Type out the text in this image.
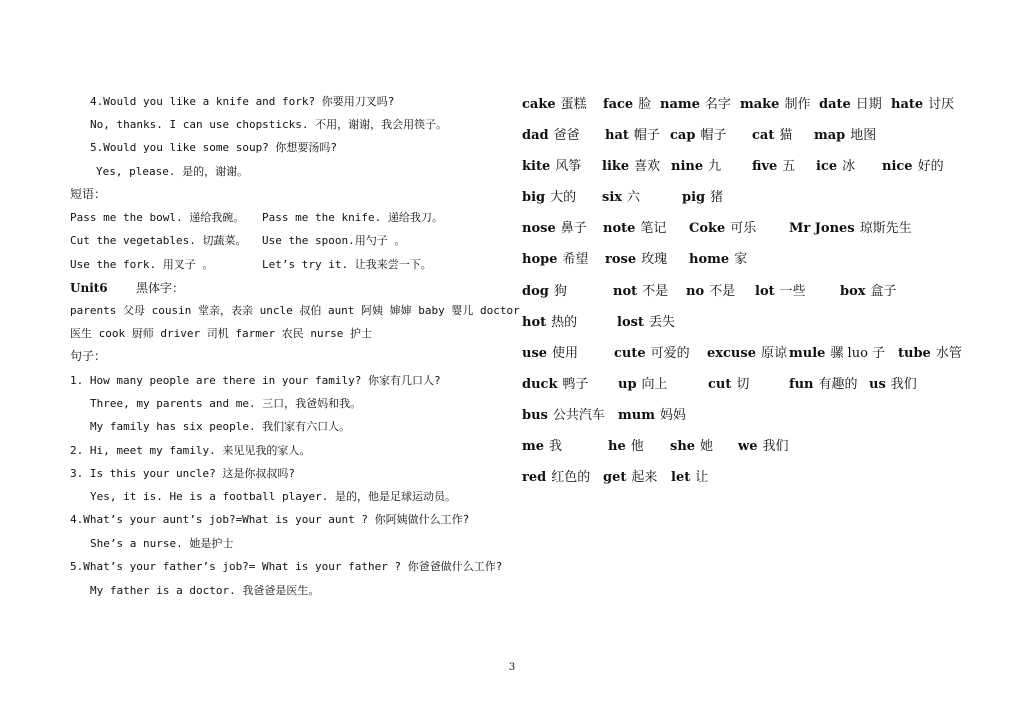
4.Would you like a knife and fork? 你要用刀叉吗?
No, thanks. I can use chopsticks. 不用，谢谢，我会用筷子。
5.Would you like some soup? 你想要汤吗?
Yes, please. 是的，谢谢。
短语：
Pass me the bowl. 递给我碗。 Pass me the knife. 递给我刀。
Cut the vegetables. 切蔬菜。 Use the spoon.用勺子 。
Use the fork. 用叉子 。	Let’s try it. 让我来尝一下。
Unit6 黑体字：
parents 父母 cousin 堂亲，表亲 uncle 叔伯 aunt 阿姨 婶婶 baby 婴儿 doctor
医生 cook 厨师 driver 司机 farmer 农民 nurse 护士
句子：
1. How many people are there in your family? 你家有几口人?
Three, my parents and me. 三口，我爸妈和我。
My family has six people. 我们家有六口人。
2. Hi, meet my family. 来见见我的家人。
3. Is this your uncle? 这是你叔叔吗?
Yes, it is. He is a football player. 是的，他是足球运动员。
4.What’s your aunt’s job?=What is your aunt ? 你阿姨做什么工作?
She’s a nurse. 她是护士
5.What’s your father’s job?= What is your father ? 你爸爸做什么工作?
My father is a doctor. 我爸爸是医生。
cake 蛋糕 face 脸 name 名字 make 制作 date 日期 hate 讨厌
dad 爸爸 hat 帽子 cap 帽子 cat 猫 map 地图
kite 风筝 like 喜欢 nine 九 five 五 ice 冰 nice 好的
big 大的 six 六	pig 猪
nose 鼻子 note 笔记 Coke 可乐	Mr Jones 琼斯先生
hope 希望 rose 玫瑰 home 家
dog 狗	not 不是 no 不是 lot 一些	box 盒子
hot 热的	lost 丢失
use 使用	cute 可爱的 excuse 原谅 mule 骡 luo 子 tube 水管
duck 鸭子 up 向上	cut 切	fun 有趣的 us 我们
bus 公共汽车 mum 妈妈
me 我	he 他 she 她 we 我们
red 红色的 get 起来 let 让
3
